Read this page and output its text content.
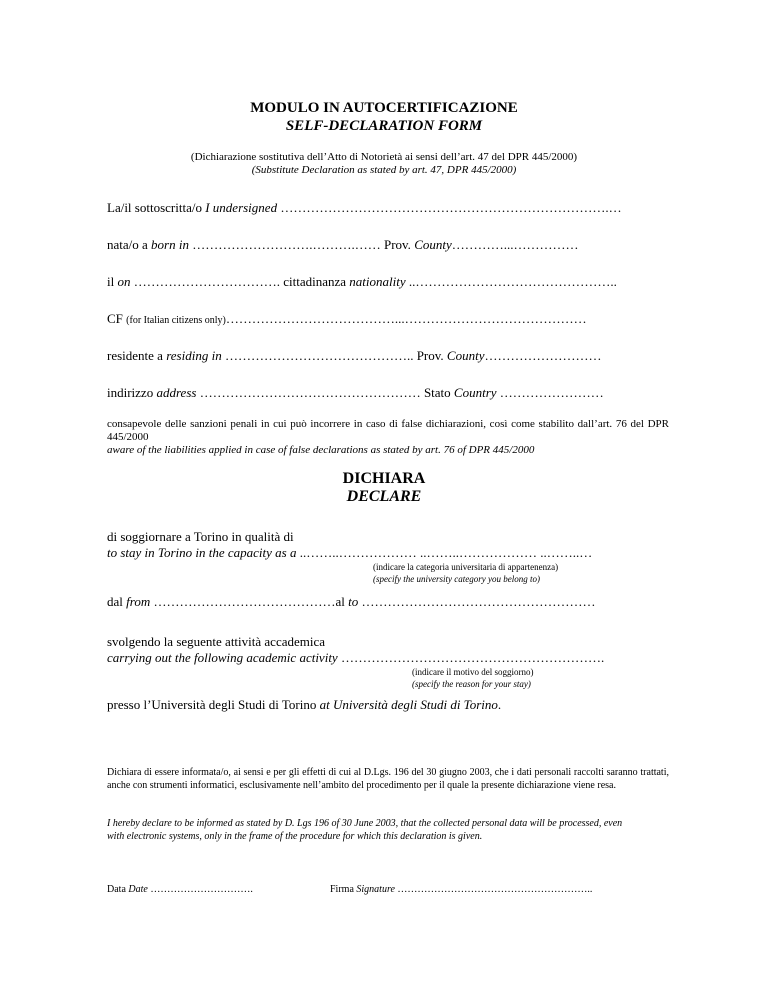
MODULO IN AUTOCERTIFICAZIONE
SELF-DECLARATION FORM
(Dichiarazione sostitutiva dell’Atto di Notorietà ai sensi dell’art. 47 del DPR 445/2000)
(Substitute Declaration as stated by art. 47, DPR 445/2000)
La/il sottoscritta/o I undersigned ………………………………………………………………….…
nata/o a born in ……………………….……….…… Prov. County…………...……………
il on ……………………………. cittadinanza nationality ..………………………………………..
CF (for Italian citizens only)…………………………………...……………………………………
residente a residing in …………………………………….. Prov. County………………………
indirizzo address …………………………………………… Stato Country ……………………
consapevole delle sanzioni penali in cui può incorrere in caso di false dichiarazioni, così come stabilito dall’art. 76 del DPR 445/2000
aware of the liabilities applied in case of false declarations as stated by art. 76 of DPR 445/2000
DICHIARA
DECLARE
di soggiornare a Torino in qualità di
to stay in Torino in the capacity as a ..……..……………… ..……..……………… ..……..…
(indicare la categoria universitaria di appartenenza)
(specify the university category you belong to)
dal from ……………………………………al to ………………………………………………
svolgendo la seguente attività accademica
carrying out the following academic activity …………………………………………………….
(indicare il motivo del soggiorno)
(specify the reason for your stay)
presso l’Università degli Studi di Torino at Università degli Studi di Torino.
Dichiara di essere informata/o, ai sensi e per gli effetti di cui al D.Lgs. 196 del 30 giugno 2003, che i dati personali raccolti saranno trattati, anche con strumenti informatici, esclusivamente nell’ambito del procedimento per il quale la presente dichiarazione viene resa.
I hereby declare to be informed as stated by D. Lgs 196 of 30 June 2003, that the collected personal data will be processed, even with electronic systems, only in the frame of the procedure for which this declaration is given.
Data Date ………………………….	Firma Signature …………………………………………………..
